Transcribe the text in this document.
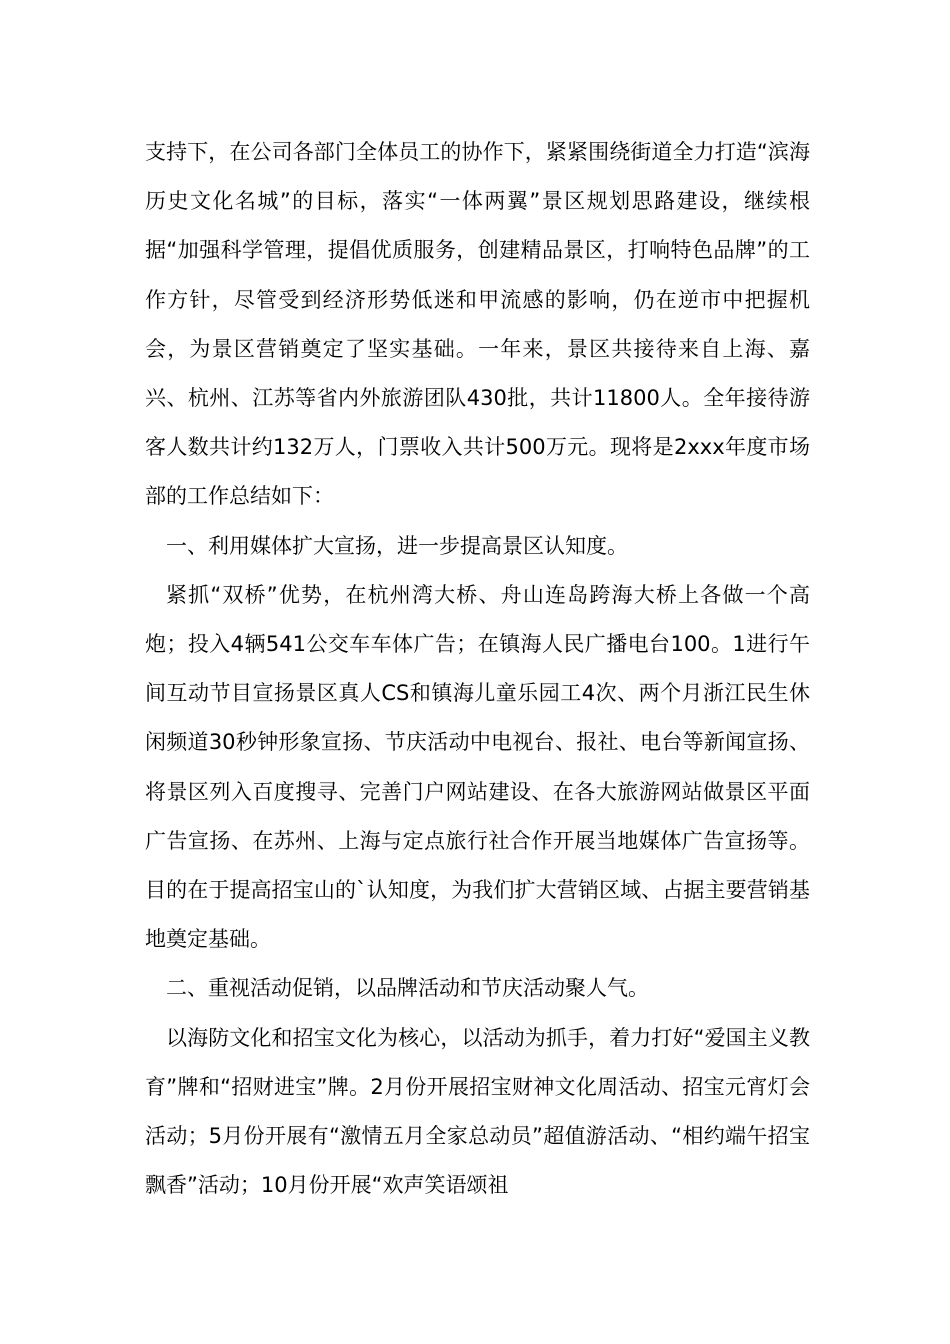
支持下，在公司各部门全体员工的协作下，紧紧围绕街道全力打造“滨海历史文化名城”的目标，落实“一体两翼”景区规划思路建设，继续根据“加强科学管理，提倡优质服务，创建精品景区，打响特色品牌”的工作方针，尽管受到经济形势低迷和甲流感的影响，仍在逆市中把握机会，为景区营销奠定了坚实基础。一年来，景区共接待来自上海、嘉兴、杭州、江苏等省内外旅游团队430批，共计11800人。全年接待游客人数共计约132万人，门票收入共计500万元。现将是2xxx年度市场部的工作总结如下：

一、利用媒体扩大宣扬，进一步提高景区认知度。

紧抓“双桥”优势，在杭州湾大桥、舟山连岛跨海大桥上各做一个高炮；投入4辆541公交车车体广告；在镇海人民广播电台100。1进行午间互动节目宣扬景区真人CS和镇海儿童乐园工4次、两个月浙江民生休闲频道30秒钟形象宣扬、节庆活动中电视台、报社、电台等新闻宣扬、将景区列入百度搜寻、完善门户网站建设、在各大旅游网站做景区平面广告宣扬、在苏州、上海与定点旅行社合作开展当地媒体广告宣扬等。目的在于提高招宝山的`认知度，为我们扩大营销区域、占据主要营销基地奠定基础。

二、重视活动促销，以品牌活动和节庆活动聚人气。

以海防文化和招宝文化为核心，以活动为抓手，着力打好“爱国主义教育”牌和“招财进宝”牌。2月份开展招宝财神文化周活动、招宝元宵灯会活动；5月份开展有“激情五月全家总动员”超值游活动、“相约端午招宝飘香”活动；10月份开展“欢声笑语颂祖
